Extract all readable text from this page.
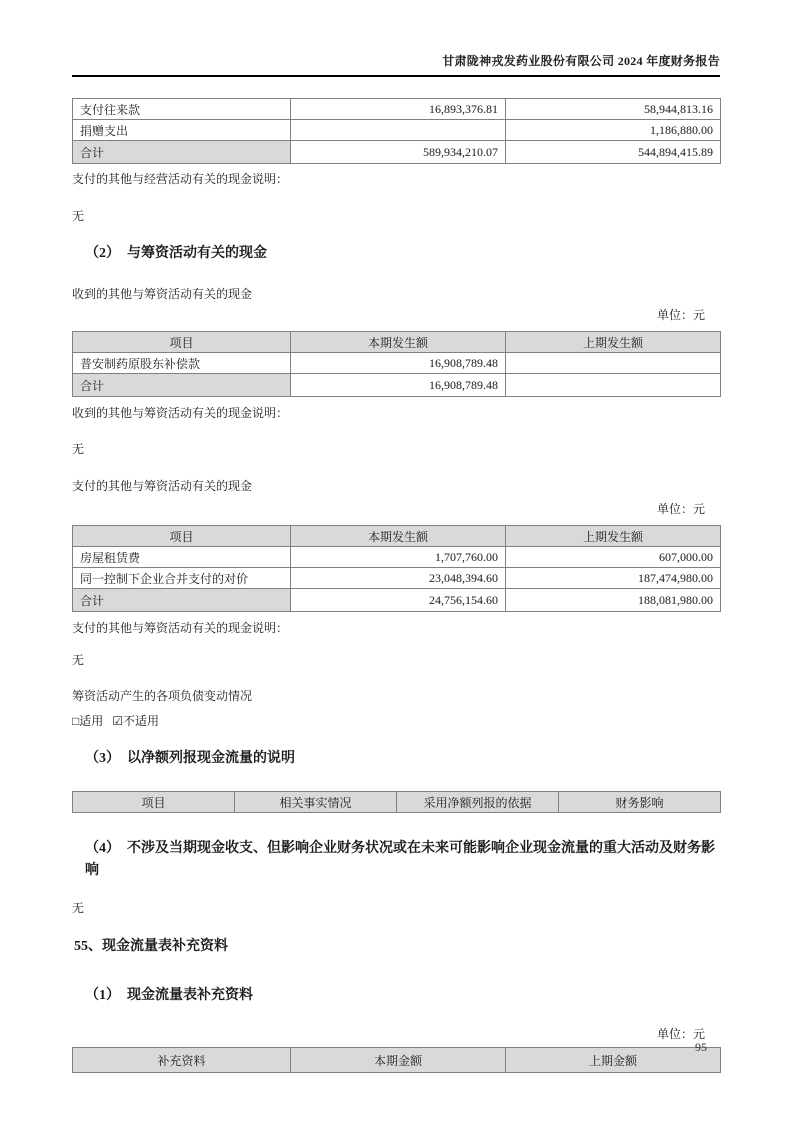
甘肃陇神戎发药业股份有限公司 2024 年度财务报告
支付往来款	16,893,376.81	58,944,813.16
捐赠支出		1,186,880.00
合计	589,934,210.07	544,894,415.89
支付的其他与经营活动有关的现金说明：
无
（2）　与筹资活动有关的现金
收到的其他与筹资活动有关的现金
单位：元
项目	本期发生额	上期发生额
普安制药原股东补偿款	16,908,789.48	
合计	16,908,789.48	
收到的其他与筹资活动有关的现金说明：
无
支付的其他与筹资活动有关的现金
单位：元
项目	本期发生额	上期发生额
房屋租赁费	1,707,760.00	607,000.00
同一控制下企业合并支付的对价	23,048,394.60	187,474,980.00
合计	24,756,154.60	188,081,980.00
支付的其他与筹资活动有关的现金说明：
无
筹资活动产生的各项负债变动情况
□适用 ☑不适用
（3）　以净额列报现金流量的说明
项目	相关事实情况	采用净额列报的依据	财务影响
（4）　不涉及当期现金收支、但影响企业财务状况或在未来可能影响企业现金流量的重大活动及财务影响
无
55、现金流量表补充资料
（1）　现金流量表补充资料
单位：元
补充资料	本期金额	上期金额
95
